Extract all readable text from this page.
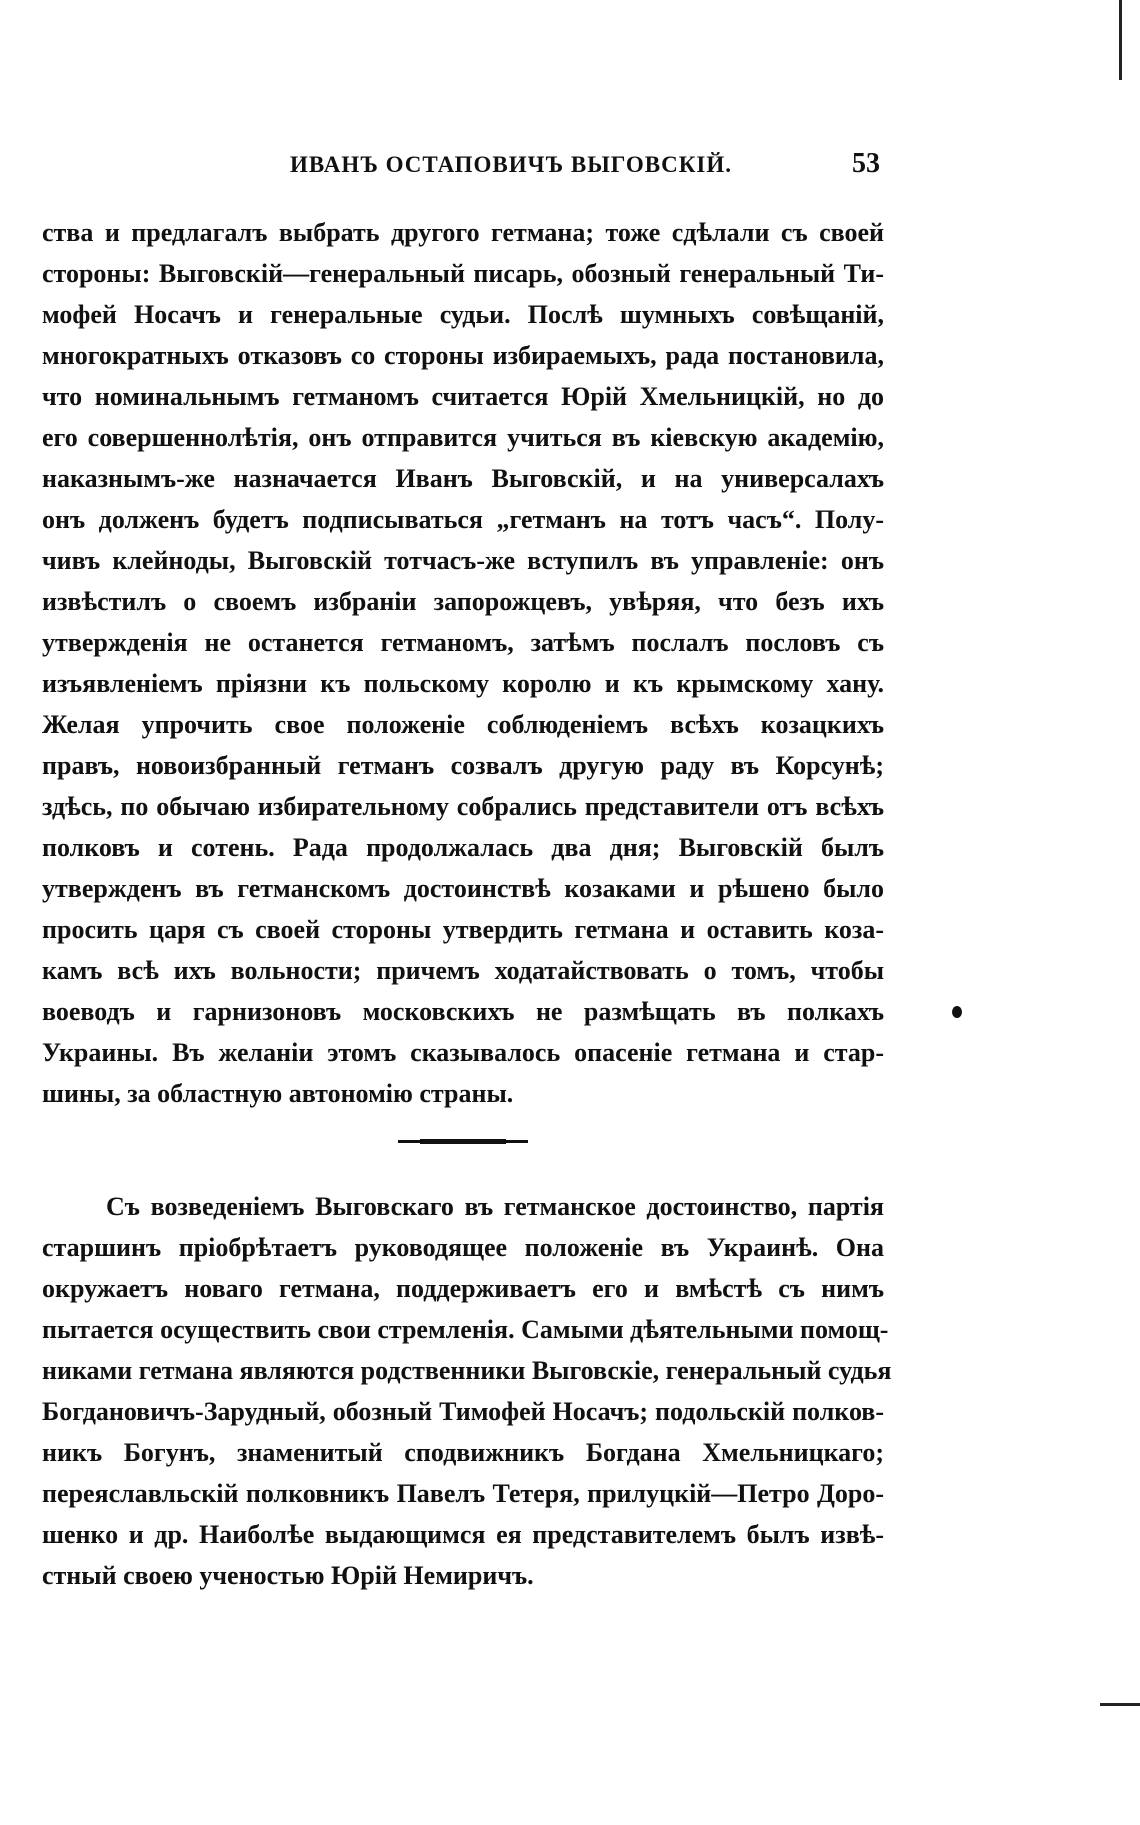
ИВАНЪ ОСТАПОВИЧЪ ВЫГОВСКІЙ.	53
ства и предлагалъ выбрать другого гетмана; тоже сдѣлали съ своей
стороны: Выговскій—генеральный писарь, обозный генеральный Ти-
мофей Носачъ и генеральные судьи. Послѣ шумныхъ совѣщаній,
многократныхъ отказовъ со стороны избираемыхъ, рада постановила,
что номинальнымъ гетманомъ считается Юрій Хмельницкій, но до
его совершеннолѣтія, онъ отправится учиться въ кіевскую академію,
наказнымъ-же назначается Иванъ Выговскій, и на универсалахъ
онъ долженъ будетъ подписываться „гетманъ на тотъ часъ“. Полу-
чивъ клейноды, Выговскій тотчасъ-же вступилъ въ управленіе: онъ
извѣстилъ о своемъ избраніи запорожцевъ, увѣряя, что безъ ихъ
утвержденія не останется гетманомъ, затѣмъ послалъ пословъ съ
изъявленіемъ пріязни къ польскому королю и къ крымскому хану.
Желая упрочить свое положеніе соблюденіемъ всѣхъ козацкихъ
правъ, новоизбранный гетманъ созвалъ другую раду въ Корсунѣ;
здѣсь, по обычаю избирательному собрались представители отъ всѣхъ
полковъ и сотень. Рада продолжалась два дня; Выговскій былъ
утвержденъ въ гетманскомъ достоинствѣ козаками и рѣшено было
просить царя съ своей стороны утвердить гетмана и оставить коза-
камъ всѣ ихъ вольности; причемъ ходатайствовать о томъ, чтобы
воеводъ и гарнизоновъ московскихъ не размѣщать въ полкахъ
Украины. Въ желаніи этомъ сказывалось опасеніе гетмана и стар-
шины, за областную автономію страны.
Съ возведеніемъ Выговскаго въ гетманское достоинство, партія
старшинъ пріобрѣтаетъ руководящее положеніе въ Украинѣ. Она
окружаетъ новаго гетмана, поддерживаетъ его и вмѣстѣ съ нимъ
пытается осуществить свои стремленія. Самыми дѣятельными помощ-
никами гетмана являются родственники Выговскіе, генеральный судья
Богдановичъ-Зарудный, обозный Тимофей Носачъ; подольскій полков-
никъ Богунъ, знаменитый сподвижникъ Богдана Хмельницкаго;
переяславльскій полковникъ Павелъ Тетеря, прилуцкій—Петро Доро-
шенко и др. Наиболѣе выдающимся ея представителемъ былъ извѣ-
стный своею ученостью Юрій Немиричъ.
